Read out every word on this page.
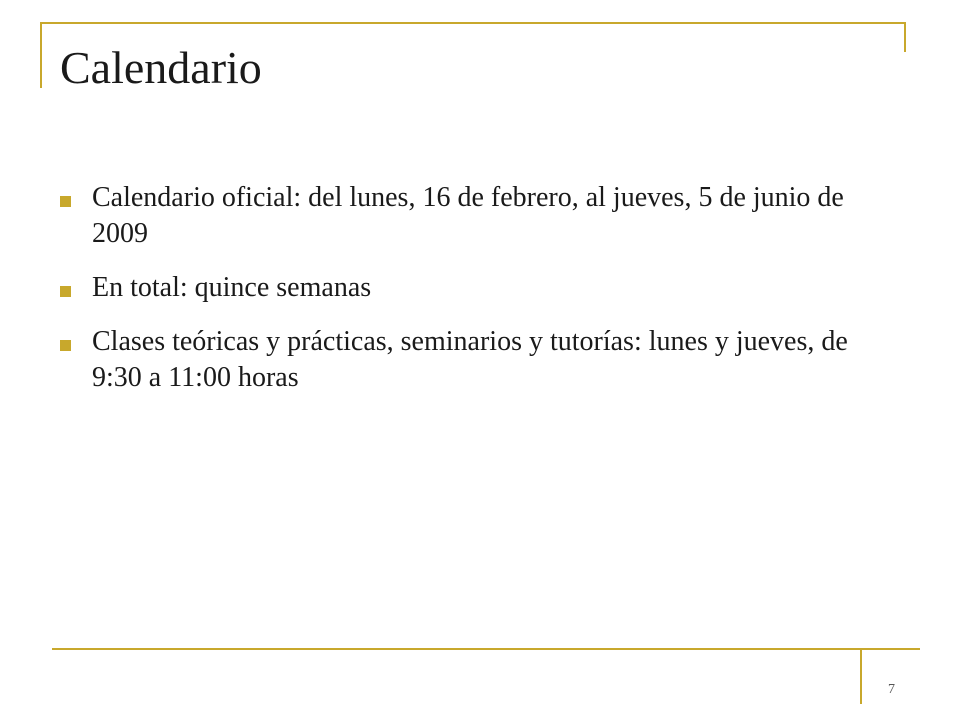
Calendario
Calendario oficial: del lunes, 16 de febrero, al jueves, 5 de junio de 2009
En total: quince semanas
Clases teóricas y prácticas, seminarios y tutorías: lunes y jueves, de 9:30 a 11:00 horas
7
